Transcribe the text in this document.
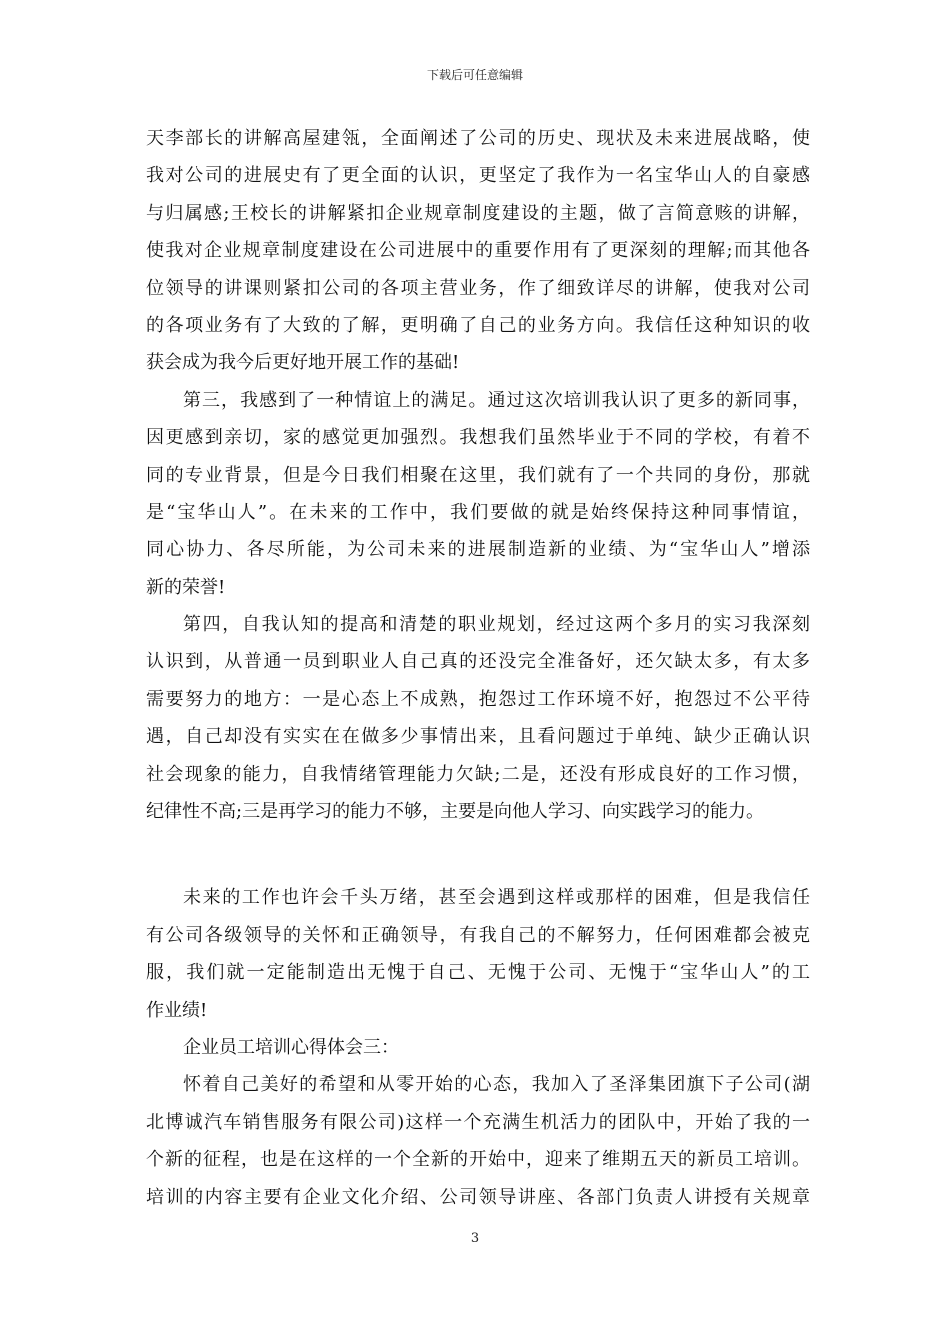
下载后可任意编辑
天李部长的讲解高屋建瓴，全面阐述了公司的历史、现状及未来进展战略，使
我对公司的进展史有了更全面的认识，更坚定了我作为一名宝华山人的自豪感
与归属感;王校长的讲解紧扣企业规章制度建设的主题，做了言简意赅的讲解，
使我对企业规章制度建设在公司进展中的重要作用有了更深刻的理解;而其他各
位领导的讲课则紧扣公司的各项主营业务，作了细致详尽的讲解，使我对公司
的各项业务有了大致的了解，更明确了自己的业务方向。我信任这种知识的收
获会成为我今后更好地开展工作的基础!
第三，我感到了一种情谊上的满足。通过这次培训我认识了更多的新同事，
因更感到亲切，家的感觉更加强烈。我想我们虽然毕业于不同的学校，有着不
同的专业背景，但是今日我们相聚在这里，我们就有了一个共同的身份，那就
是“宝华山人”。在未来的工作中，我们要做的就是始终保持这种同事情谊，
同心协力、各尽所能，为公司未来的进展制造新的业绩、为“宝华山人”增添
新的荣誉!
第四，自我认知的提高和清楚的职业规划，经过这两个多月的实习我深刻
认识到，从普通一员到职业人自己真的还没完全准备好，还欠缺太多，有太多
需要努力的地方：一是心态上不成熟，抱怨过工作环境不好，抱怨过不公平待
遇，自己却没有实实在在做多少事情出来，且看问题过于单纯、缺少正确认识
社会现象的能力，自我情绪管理能力欠缺;二是，还没有形成良好的工作习惯，
纪律性不高;三是再学习的能力不够，主要是向他人学习、向实践学习的能力。
未来的工作也许会千头万绪，甚至会遇到这样或那样的困难，但是我信任
有公司各级领导的关怀和正确领导，有我自己的不解努力，任何困难都会被克
服，我们就一定能制造出无愧于自己、无愧于公司、无愧于“宝华山人”的工
作业绩!
企业员工培训心得体会三：
怀着自己美好的希望和从零开始的心态，我加入了圣泽集团旗下子公司(湖
北博诚汽车销售服务有限公司)这样一个充满生机活力的团队中，开始了我的一
个新的征程，也是在这样的一个全新的开始中，迎来了维期五天的新员工培训。
培训的内容主要有企业文化介绍、公司领导讲座、各部门负责人讲授有关规章
3
